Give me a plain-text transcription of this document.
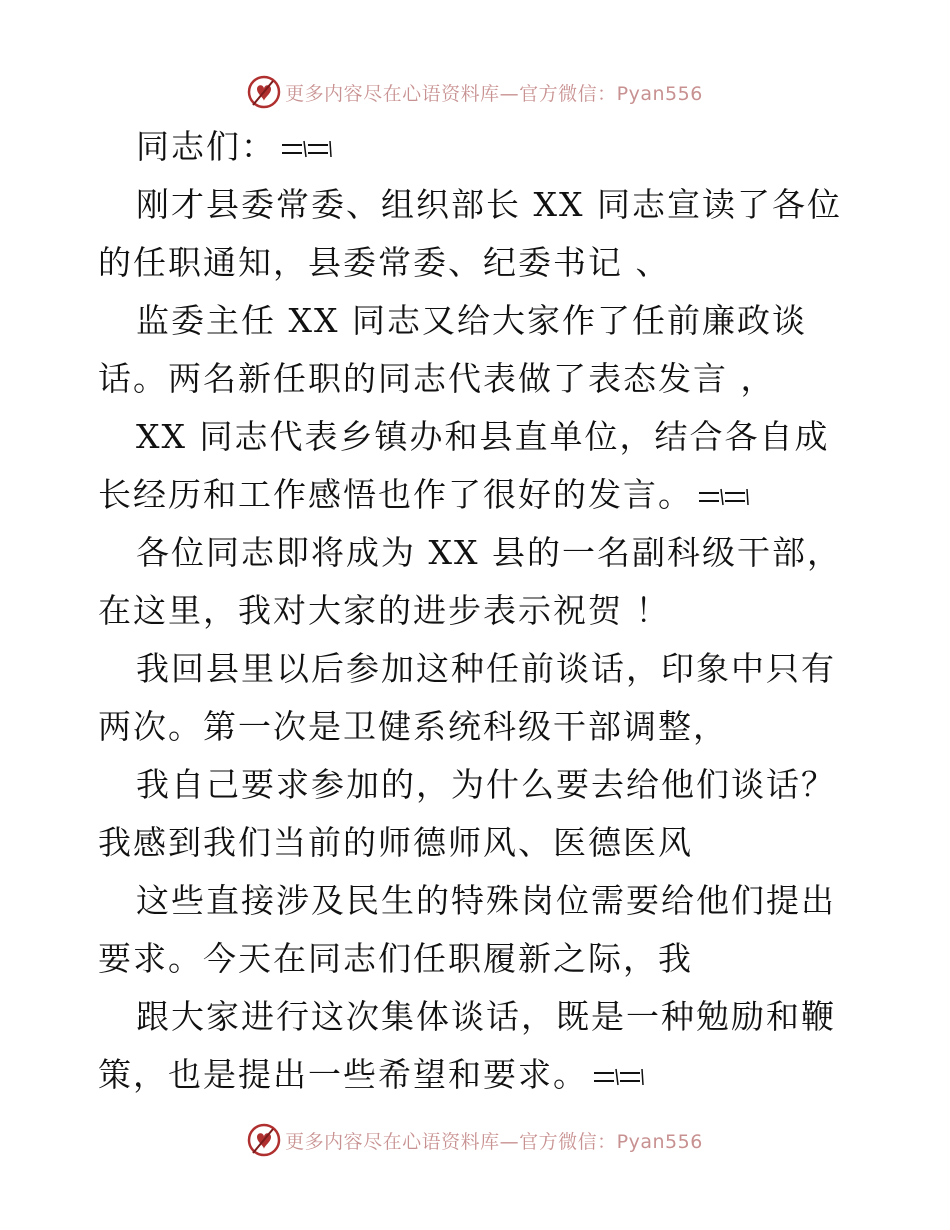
更多内容尽在心语资料库—官方微信：Pyan556

同志们：

刚才县委常委、组织部长 XX 同志宣读了各位的任职通知，县委常委、纪委书记 、

监委主任 XX 同志又给大家作了任前廉政谈话。两名新任职的同志代表做了表态发言 ，

XX 同志代表乡镇办和县直单位，结合各自成长经历和工作感悟也作了很好的发言。

各位同志即将成为 XX 县的一名副科级干部，在这里，我对大家的进步表示祝贺 ！

我回县里以后参加这种任前谈话，印象中只有两次。第一次是卫健系统科级干部调整，

我自己要求参加的，为什么要去给他们谈话？我感到我们当前的师德师风、医德医风

这些直接涉及民生的特殊岗位需要给他们提出要求。今天在同志们任职履新之际，我

跟大家进行这次集体谈话，既是一种勉励和鞭策，也是提出一些希望和要求。

更多内容尽在心语资料库—官方微信：Pyan556
